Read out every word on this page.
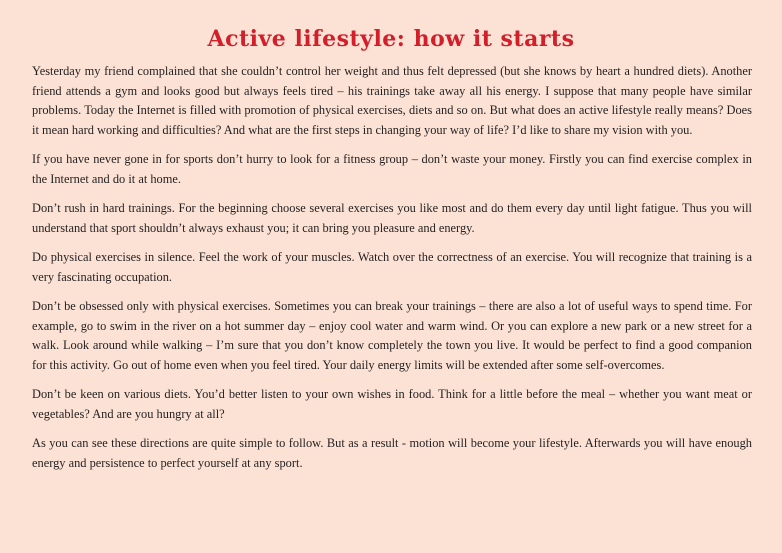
Active lifestyle: how it starts

Yesterday my friend complained that she couldn’t control her weight and thus felt depressed (but she knows by heart a hundred diets). Another friend attends a gym and looks good but always feels tired – his trainings take away all his energy. I suppose that many people have similar problems. Today the Internet is filled with promotion of physical exercises, diets and so on. But what does an active lifestyle really means? Does it mean hard working and difficulties? And what are the first steps in changing your way of life? I’d like to share my vision with you.

If you have never gone in for sports don’t hurry to look for a fitness group – don’t waste your money. Firstly you can find exercise complex in the Internet and do it at home.

Don’t rush in hard trainings. For the beginning choose several exercises you like most and do them every day until light fatigue. Thus you will understand that sport shouldn’t always exhaust you; it can bring you pleasure and energy.

Do physical exercises in silence. Feel the work of your muscles. Watch over the correctness of an exercise. You will recognize that training is a very fascinating occupation.

Don’t be obsessed only with physical exercises. Sometimes you can break your trainings – there are also a lot of useful ways to spend time. For example, go to swim in the river on a hot summer day – enjoy cool water and warm wind. Or you can explore a new park or a new street for a walk. Look around while walking – I’m sure that you don’t know completely the town you live. It would be perfect to find a good companion for this activity. Go out of home even when you feel tired. Your daily energy limits will be extended after some self-overcomes.

Don’t be keen on various diets. You’d better listen to your own wishes in food. Think for a little before the meal – whether you want meat or vegetables? And are you hungry at all?

As you can see these directions are quite simple to follow. But as a result - motion will become your lifestyle. Afterwards you will have enough energy and persistence to perfect yourself at any sport.
